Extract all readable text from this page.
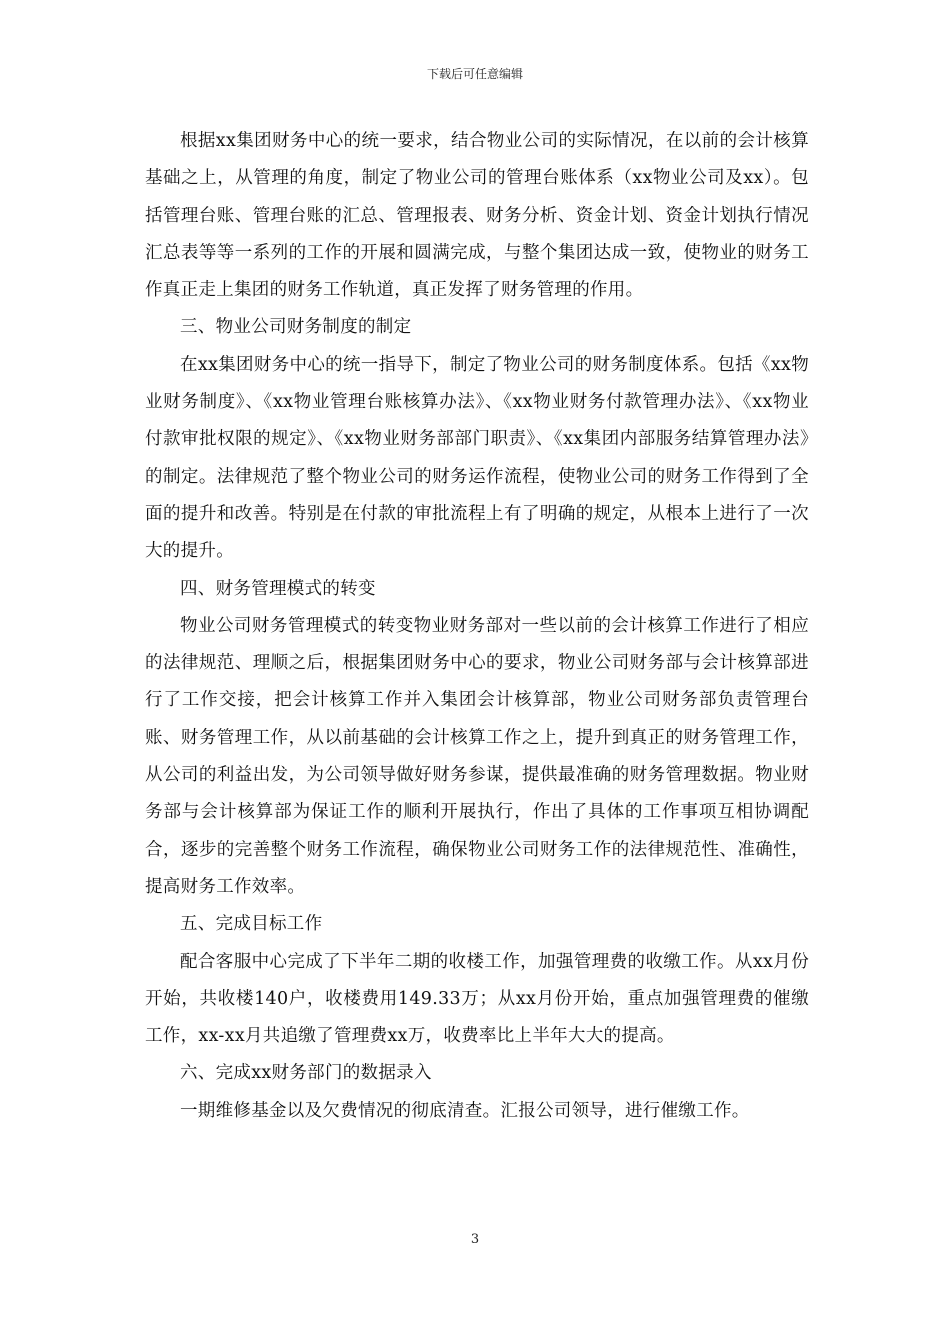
下载后可任意编辑

根据xx集团财务中心的统一要求，结合物业公司的实际情况，在以前的会计核算基础之上，从管理的角度，制定了物业公司的管理台账体系（xx物业公司及xx）。包括管理台账、管理台账的汇总、管理报表、财务分析、资金计划、资金计划执行情况汇总表等等一系列的工作的开展和圆满完成，与整个集团达成一致，使物业的财务工作真正走上集团的财务工作轨道，真正发挥了财务管理的作用。

三、物业公司财务制度的制定

在xx集团财务中心的统一指导下，制定了物业公司的财务制度体系。包括《xx物业财务制度》、《xx物业管理台账核算办法》、《xx物业财务付款管理办法》、《xx物业付款审批权限的规定》、《xx物业财务部部门职责》、《xx集团内部服务结算管理办法》的制定。法律规范了整个物业公司的财务运作流程，使物业公司的财务工作得到了全面的提升和改善。特别是在付款的审批流程上有了明确的规定，从根本上进行了一次大的提升。

四、财务管理模式的转变

物业公司财务管理模式的转变物业财务部对一些以前的会计核算工作进行了相应的法律规范、理顺之后，根据集团财务中心的要求，物业公司财务部与会计核算部进行了工作交接，把会计核算工作并入集团会计核算部，物业公司财务部负责管理台账、财务管理工作，从以前基础的会计核算工作之上，提升到真正的财务管理工作，从公司的利益出发，为公司领导做好财务参谋，提供最准确的财务管理数据。物业财务部与会计核算部为保证工作的顺利开展执行，作出了具体的工作事项互相协调配合，逐步的完善整个财务工作流程，确保物业公司财务工作的法律规范性、准确性，提高财务工作效率。

五、完成目标工作

配合客服中心完成了下半年二期的收楼工作，加强管理费的收缴工作。从xx月份开始，共收楼140户，收楼费用149.33万；从xx月份开始，重点加强管理费的催缴工作，xx-xx月共追缴了管理费xx万，收费率比上半年大大的提高。

六、完成xx财务部门的数据录入

一期维修基金以及欠费情况的彻底清查。汇报公司领导，进行催缴工作。

3
